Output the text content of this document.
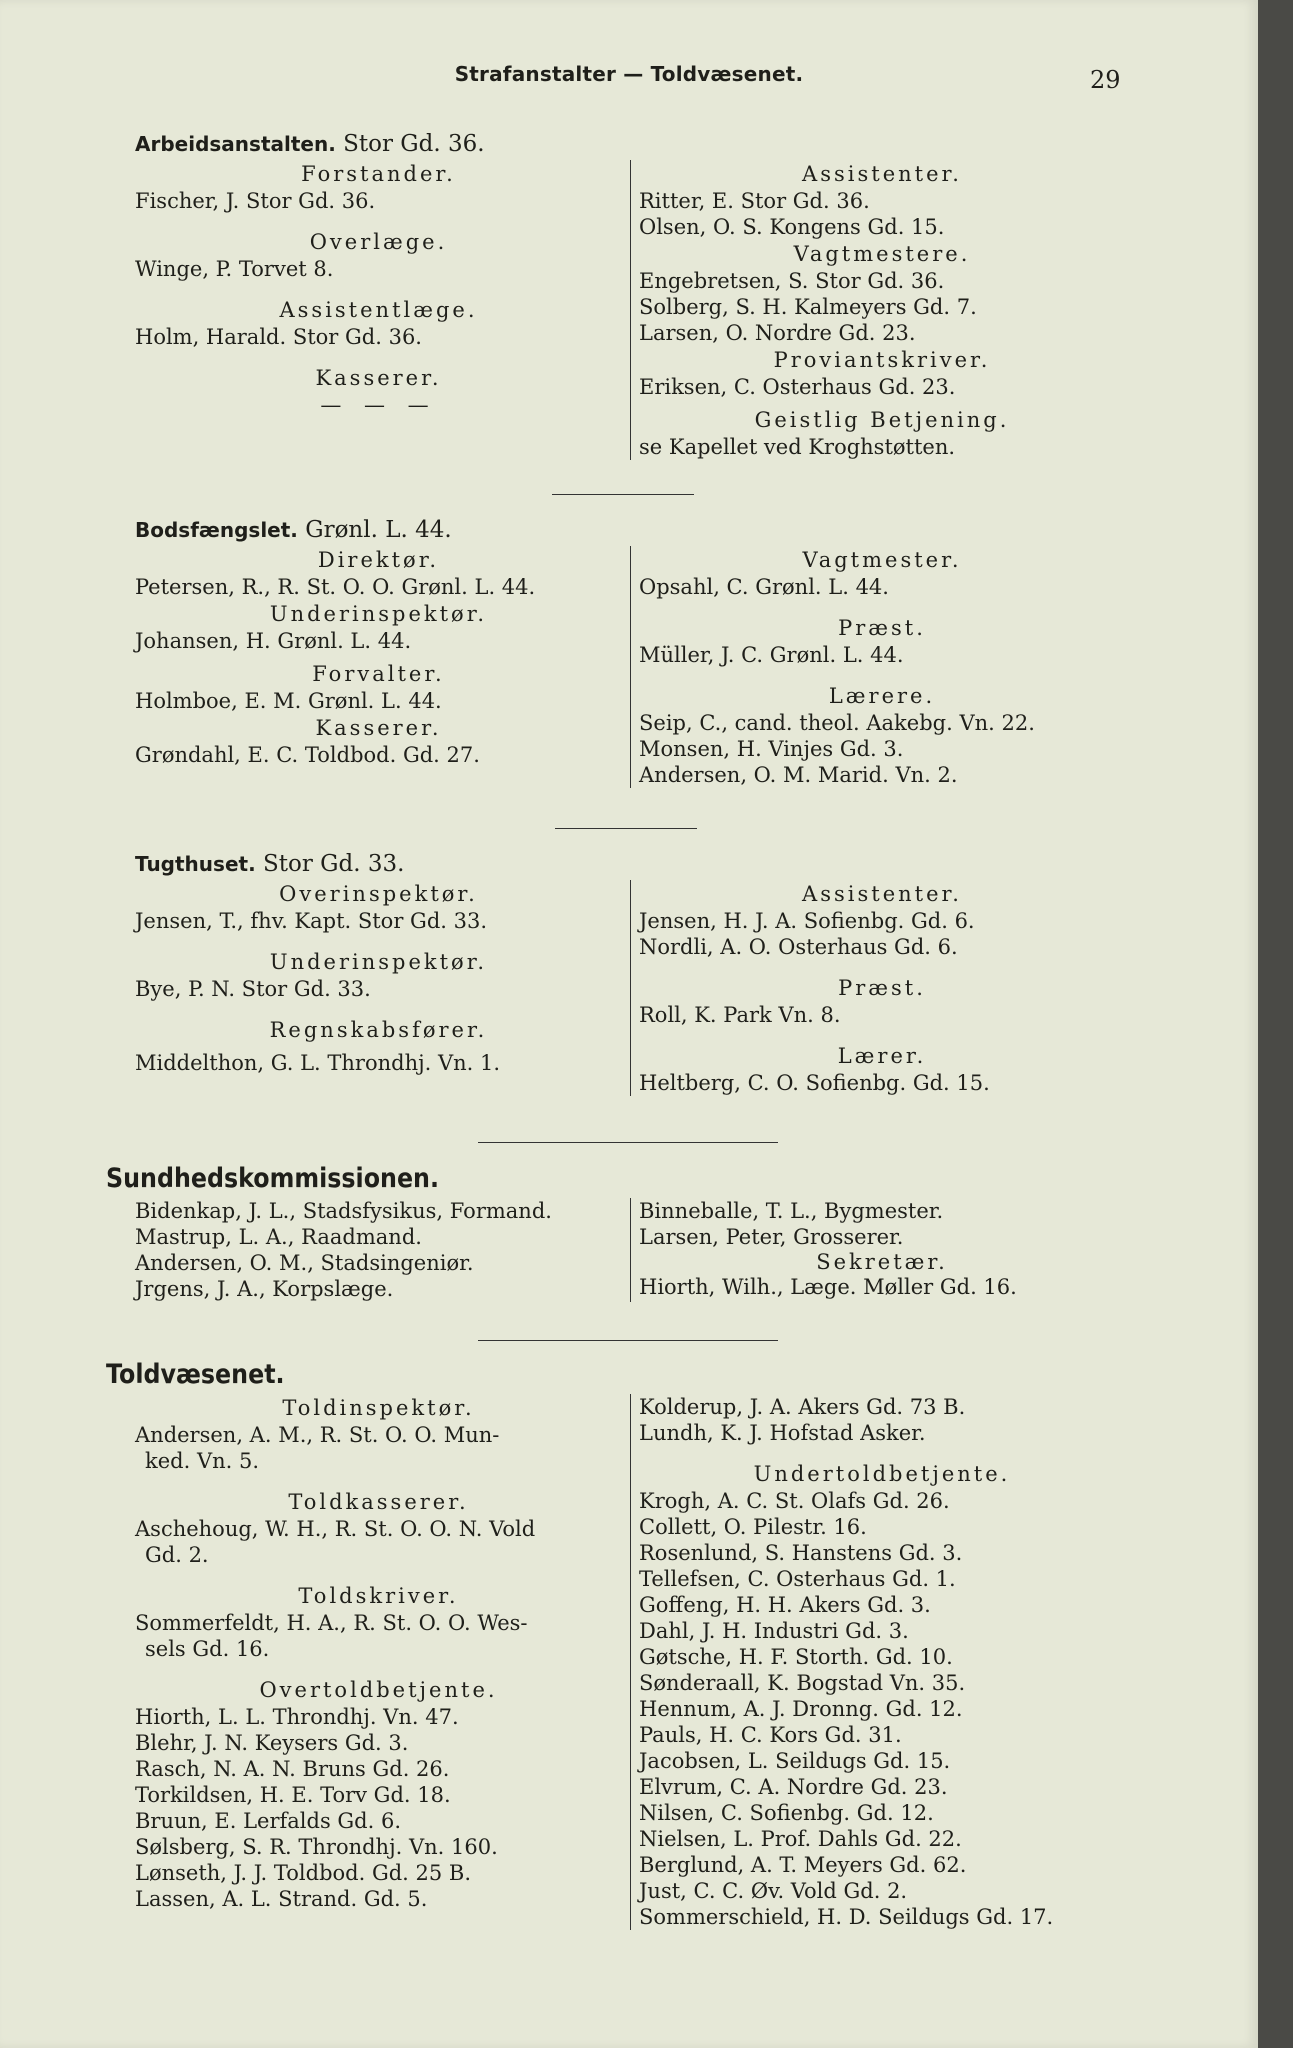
Strafanstalter — Toldvæsenet.	29
Arbeidsanstalten. Stor Gd. 36.
Forstander.
Fischer, J. Stor Gd. 36.
Overlæge.
Winge, P. Torvet 8.
Assistentlæge.
Holm, Harald. Stor Gd. 36.
Kasserer.
— — —
Assistenter.
Ritter, E. Stor Gd. 36.
Olsen, O. S. Kongens Gd. 15.
Vagtmestere.
Engebretsen, S. Stor Gd. 36.
Solberg, S. H. Kalmeyers Gd. 7.
Larsen, O. Nordre Gd. 23.
Proviantskriver.
Eriksen, C. Osterhaus Gd. 23.
Geistlig Betjening.
se Kapellet ved Kroghstøtten.
Bodsfængslet. Grønl. L. 44.
Direktør.
Petersen, R., R. St. O. O. Grønl. L. 44.
Underinspektør.
Johansen, H. Grønl. L. 44.
Forvalter.
Holmboe, E. M. Grønl. L. 44.
Kasserer.
Grøndahl, E. C. Toldbod. Gd. 27.
Vagtmester.
Opsahl, C. Grønl. L. 44.
Præst.
Müller, J. C. Grønl. L. 44.
Lærere.
Seip, C., cand. theol. Aakebg. Vn. 22.
Monsen, H. Vinjes Gd. 3.
Andersen, O. M. Marid. Vn. 2.
Tugthuset. Stor Gd. 33.
Overinspektør.
Jensen, T., fhv. Kapt. Stor Gd. 33.
Underinspektør.
Bye, P. N. Stor Gd. 33.
Regnskabsfører.
Middelthon, G. L. Throndhj. Vn. 1.
Assistenter.
Jensen, H. J. A. Sofienbg. Gd. 6.
Nordli, A. O. Osterhaus Gd. 6.
Præst.
Roll, K. Park Vn. 8.
Lærer.
Heltberg, C. O. Sofienbg. Gd. 15.
Sundhedskommissionen.
Bidenkap, J. L., Stadsfysikus, Formand.
Mastrup, L. A., Raadmand.
Andersen, O. M., Stadsingeniør.
Jrgens, J. A., Korpslæge.
Binneballe, T. L., Bygmester.
Larsen, Peter, Grosserer.
Sekretær.
Hiorth, Wilh., Læge. Møller Gd. 16.
Toldvæsenet.
Toldinspektør.
Andersen, A. M., R. St. O. O. Mun-
ked. Vn. 5.
Toldkasserer.
Aschehoug, W. H., R. St. O. O. N. Vold
Gd. 2.
Toldskriver.
Sommerfeldt, H. A., R. St. O. O. Wes-
sels Gd. 16.
Overtoldbetjente.
Hiorth, L. L. Throndhj. Vn. 47.
Blehr, J. N. Keysers Gd. 3.
Rasch, N. A. N. Bruns Gd. 26.
Torkildsen, H. E. Torv Gd. 18.
Bruun, E. Lerfalds Gd. 6.
Sølsberg, S. R. Throndhj. Vn. 160.
Lønseth, J. J. Toldbod. Gd. 25 B.
Lassen, A. L. Strand. Gd. 5.
Kolderup, J. A. Akers Gd. 73 B.
Lundh, K. J. Hofstad Asker.
Undertoldbetjente.
Krogh, A. C. St. Olafs Gd. 26.
Collett, O. Pilestr. 16.
Rosenlund, S. Hanstens Gd. 3.
Tellefsen, C. Osterhaus Gd. 1.
Goffeng, H. H. Akers Gd. 3.
Dahl, J. H. Industri Gd. 3.
Gøtsche, H. F. Storth. Gd. 10.
Sønderaall, K. Bogstad Vn. 35.
Hennum, A. J. Dronng. Gd. 12.
Pauls, H. C. Kors Gd. 31.
Jacobsen, L. Seildugs Gd. 15.
Elvrum, C. A. Nordre Gd. 23.
Nilsen, C. Sofienbg. Gd. 12.
Nielsen, L. Prof. Dahls Gd. 22.
Berglund, A. T. Meyers Gd. 62.
Just, C. C. Øv. Vold Gd. 2.
Sommerschield, H. D. Seildugs Gd. 17.
